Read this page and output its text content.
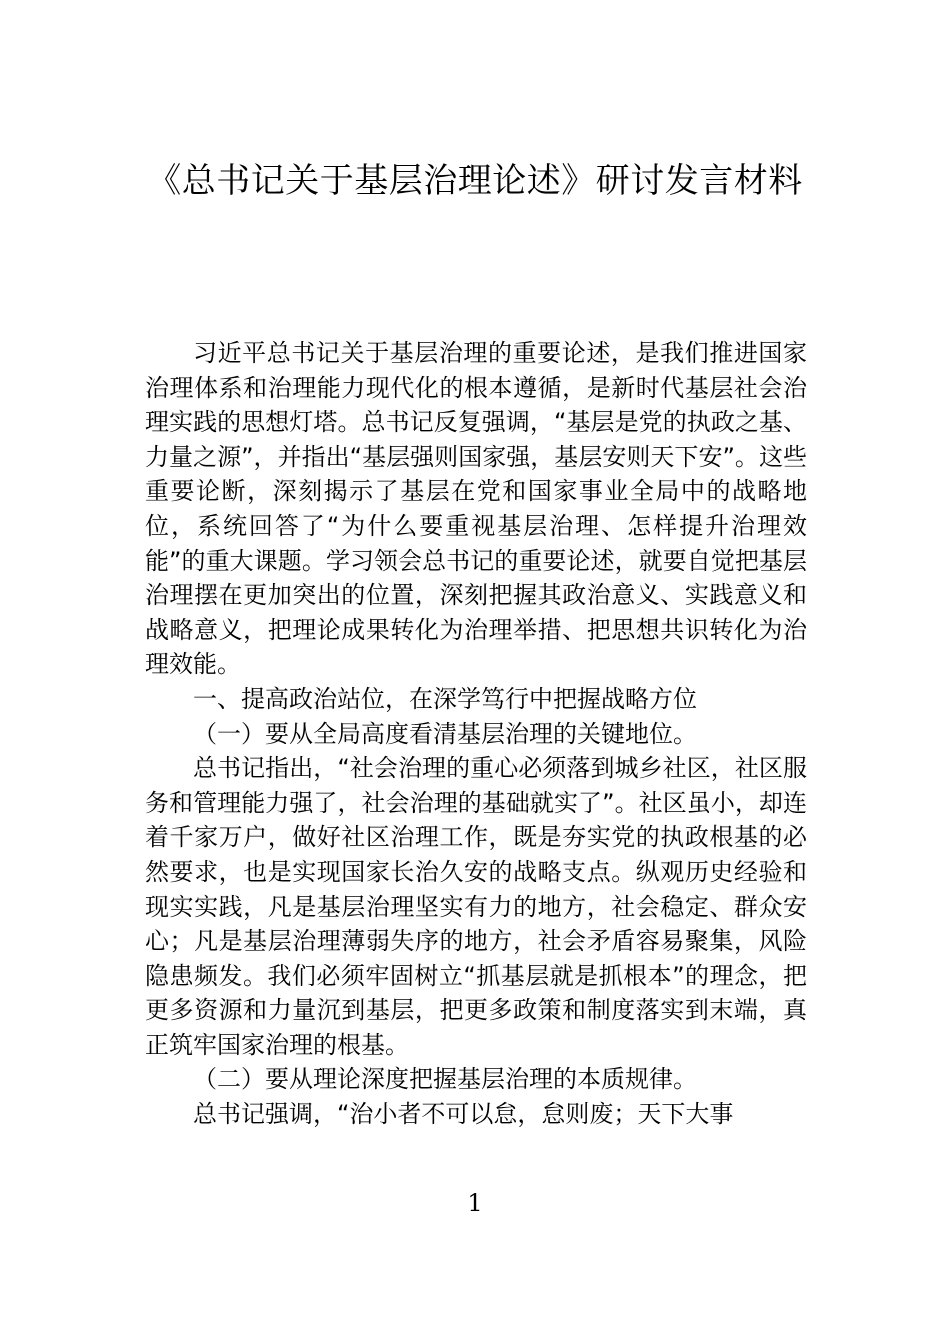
《总书记关于基层治理论述》研讨发言材料

习近平总书记关于基层治理的重要论述，是我们推进国家治理体系和治理能力现代化的根本遵循，是新时代基层社会治理实践的思想灯塔。总书记反复强调，“基层是党的执政之基、力量之源”，并指出“基层强则国家强，基层安则天下安”。这些重要论断，深刻揭示了基层在党和国家事业全局中的战略地位，系统回答了“为什么要重视基层治理、怎样提升治理效能”的重大课题。学习领会总书记的重要论述，就要自觉把基层治理摆在更加突出的位置，深刻把握其政治意义、实践意义和战略意义，把理论成果转化为治理举措、把思想共识转化为治理效能。

一、提高政治站位，在深学笃行中把握战略方位

（一）要从全局高度看清基层治理的关键地位。

总书记指出，“社会治理的重心必须落到城乡社区，社区服务和管理能力强了，社会治理的基础就实了”。社区虽小，却连着千家万户，做好社区治理工作，既是夯实党的执政根基的必然要求，也是实现国家长治久安的战略支点。纵观历史经验和现实实践，凡是基层治理坚实有力的地方，社会稳定、群众安心；凡是基层治理薄弱失序的地方，社会矛盾容易聚集，风险隐患频发。我们必须牢固树立“抓基层就是抓根本”的理念，把更多资源和力量沉到基层，把更多政策和制度落实到末端，真正筑牢国家治理的根基。

（二）要从理论深度把握基层治理的本质规律。

总书记强调，“治小者不可以怠，怠则废；天下大事

1
